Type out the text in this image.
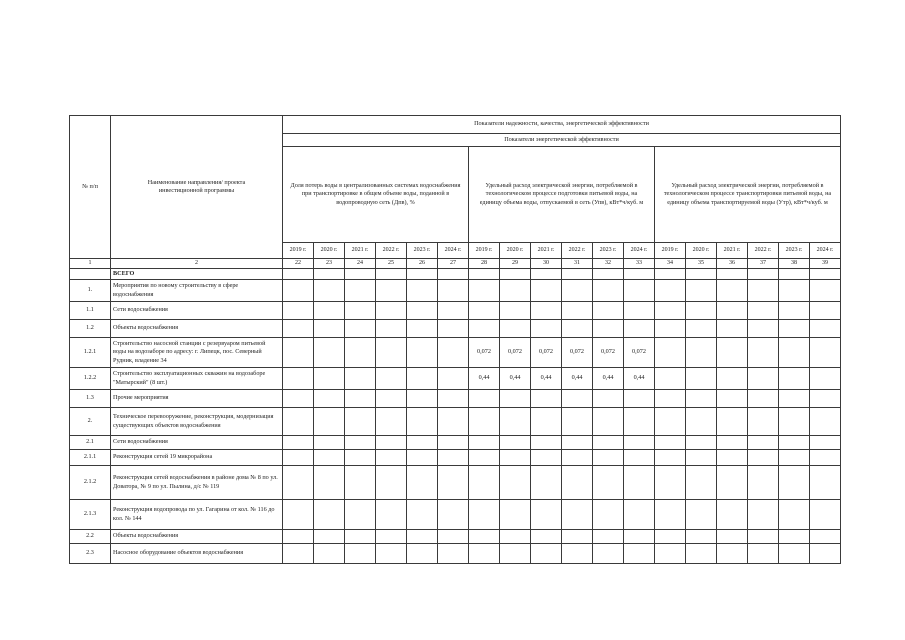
№ п/п	Наименование направления/ проекта инвестиционной программы	Показатели надежности, качества, энергетической эффективности																	
		Показатели энергетической эффективности																	
		Доля потерь воды в централизованных системах водоснабжения при транспортировке в общем объеме воды, поданной в водопроводную сеть (Дпв), %						Удельный расход электрической энергии, потребляемой в технологическом процессе подготовки питьевой воды, на единицу объема воды, отпускаемой в сеть (Упв), кВт*ч/куб. м						Удельный расход электрической энергии, потребляемой в технологическом процессе транспортировки питьевой воды, на единицу объема транспортируемой воды (Утр), кВт*ч/куб. м					
		2019 г.	2020 г.	2021 г.	2022 г.	2023 г.	2024 г.	2019 г.	2020 г.	2021 г.	2022 г.	2023 г.	2024 г.	2019 г.	2020 г.	2021 г.	2022 г.	2023 г.	2024 г.
1	2	22	23	24	25	26	27	28	29	30	31	32	33	34	35	36	37	38	39
	ВСЕГО																		
1.	Мероприятия по новому строительству в сфере водоснабжения																		
1.1	Сети водоснабжения																		
1.2	Объекты водоснабжения																		
1.2.1	Строительство насосной станции с резервуаром питьевой воды на водозаборе по адресу: г. Липецк, пос. Северный Рудник, владение 34							0,072	0,072	0,072	0,072	0,072	0,072						
1.2.2	Строительство эксплуатационных скважин на водозаборе "Матырский" (8 шт.)							0,44	0,44	0,44	0,44	0,44	0,44						
1.3	Прочие мероприятия																		
2.	Техническое перевооружение, реконструкция, модернизация существующих объектов водоснабжения																		
2.1	Сети водоснабжения																		
2.1.1	Реконструкция сетей 19 микрорайона																		
2.1.2	Реконструкция сетей водоснабжения в районе дома № 8 по ул. Доватора, № 9 по ул. Пылина, д/с № 119																		
2.1.3	Реконструкция водопровода по ул. Гагарина от кол. № 116 до кол. № 144																		
2.2	Объекты водоснабжения																		
2.3	Насосное оборудование объектов водоснабжения																		
